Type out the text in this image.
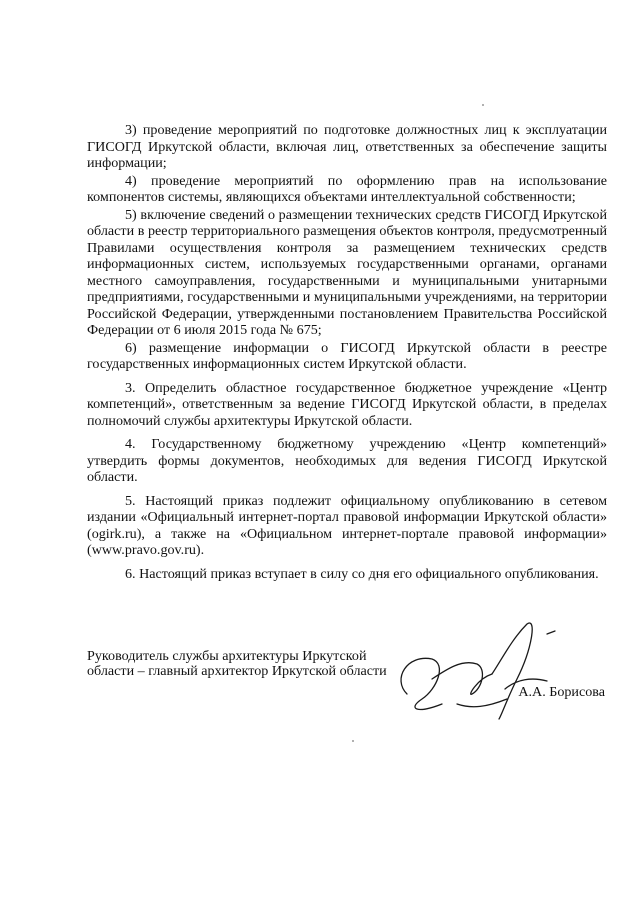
3) проведение мероприятий по подготовке должностных лиц к эксплуатации ГИСОГД Иркутской области, включая лиц, ответственных за обеспечение защиты информации;

4) проведение мероприятий по оформлению прав на использование компонентов системы, являющихся объектами интеллектуальной собственности;

5) включение сведений о размещении технических средств ГИСОГД Иркутской области в реестр территориального размещения объектов контроля, предусмотренный Правилами осуществления контроля за размещением технических средств информационных систем, используемых государственными органами, органами местного самоуправления, государственными и муниципальными унитарными предприятиями, государственными и муниципальными учреждениями, на территории Российской Федерации, утвержденными постановлением Правительства Российской Федерации от 6 июля 2015 года № 675;

6) размещение информации о ГИСОГД Иркутской области в реестре государственных информационных систем Иркутской области.

3. Определить областное государственное бюджетное учреждение «Центр компетенций», ответственным за ведение ГИСОГД Иркутской области, в пределах полномочий службы архитектуры Иркутской области.

4. Государственному бюджетному учреждению «Центр компетенций» утвердить формы документов, необходимых для ведения ГИСОГД Иркутской области.

5. Настоящий приказ подлежит официальному опубликованию в сетевом издании «Официальный интернет-портал правовой информации Иркутской области» (ogirk.ru), а также на «Официальном интернет-портале правовой информации» (www.pravo.gov.ru).

6. Настоящий приказ вступает в силу со дня его официального опубликования.

Руководитель службы архитектуры Иркутской области – главный архитектор Иркутской области
А.А. Борисова
